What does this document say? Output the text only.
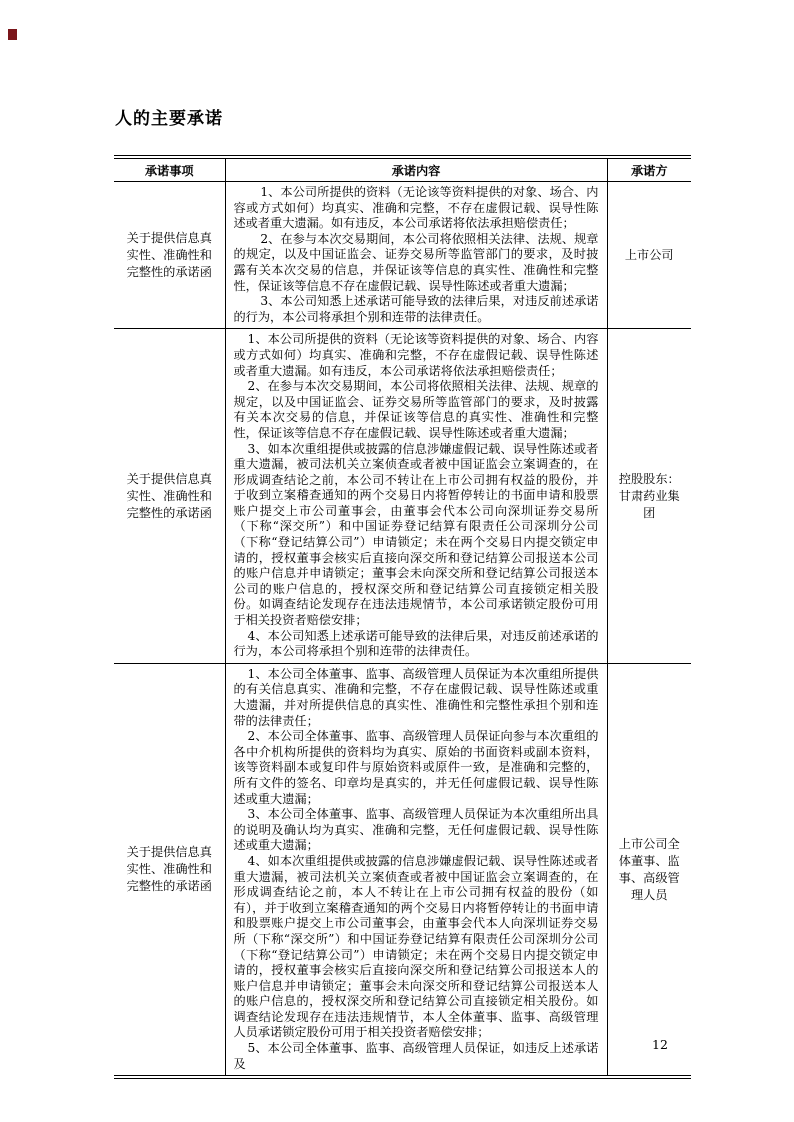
人的主要承诺
承诺事项	承诺内容	承诺方
关于提供信息真实性、准确性和完整性的承诺函	1、本公司所提供的资料（无论该等资料提供的对象、场合、内容或方式如何）均真实、准确和完整，不存在虚假记载、误导性陈述或者重大遗漏。如有违反，本公司承诺将依法承担赔偿责任；

2、在参与本次交易期间，本公司将依照相关法律、法规、规章的规定，以及中国证监会、证券交易所等监管部门的要求，及时披露有关本次交易的信息，并保证该等信息的真实性、准确性和完整性，保证该等信息不存在虚假记载、误导性陈述或者重大遗漏；

3、本公司知悉上述承诺可能导致的法律后果，对违反前述承诺的行为，本公司将承担个别和连带的法律责任。	上市公司
关于提供信息真实性、准确性和完整性的承诺函	1、本公司所提供的资料（无论该等资料提供的对象、场合、内容或方式如何）均真实、准确和完整，不存在虚假记载、误导性陈述或者重大遗漏。如有违反，本公司承诺将依法承担赔偿责任；

2、在参与本次交易期间，本公司将依照相关法律、法规、规章的规定，以及中国证监会、证券交易所等监管部门的要求，及时披露有关本次交易的信息，并保证该等信息的真实性、准确性和完整性，保证该等信息不存在虚假记载、误导性陈述或者重大遗漏；

3、如本次重组提供或披露的信息涉嫌虚假记载、误导性陈述或者重大遗漏，被司法机关立案侦查或者被中国证监会立案调查的，在形成调查结论之前，本公司不转让在上市公司拥有权益的股份，并于收到立案稽查通知的两个交易日内将暂停转让的书面申请和股票账户提交上市公司董事会，由董事会代本公司向深圳证券交易所（下称“深交所”）和中国证券登记结算有限责任公司深圳分公司（下称“登记结算公司”）申请锁定；未在两个交易日内提交锁定申请的，授权董事会核实后直接向深交所和登记结算公司报送本公司的账户信息并申请锁定；董事会未向深交所和登记结算公司报送本公司的账户信息的，授权深交所和登记结算公司直接锁定相关股份。如调查结论发现存在违法违规情节，本公司承诺锁定股份可用于相关投资者赔偿安排；

4、本公司知悉上述承诺可能导致的法律后果，对违反前述承诺的行为，本公司将承担个别和连带的法律责任。	控股股东：甘肃药业集团
关于提供信息真实性、准确性和完整性的承诺函	1、本公司全体董事、监事、高级管理人员保证为本次重组所提供的有关信息真实、准确和完整，不存在虚假记载、误导性陈述或重大遗漏，并对所提供信息的真实性、准确性和完整性承担个别和连带的法律责任；

2、本公司全体董事、监事、高级管理人员保证向参与本次重组的各中介机构所提供的资料均为真实、原始的书面资料或副本资料，该等资料副本或复印件与原始资料或原件一致，是准确和完整的，所有文件的签名、印章均是真实的，并无任何虚假记载、误导性陈述或重大遗漏；

3、本公司全体董事、监事、高级管理人员保证为本次重组所出具的说明及确认均为真实、准确和完整，无任何虚假记载、误导性陈述或重大遗漏；

4、如本次重组提供或披露的信息涉嫌虚假记载、误导性陈述或者重大遗漏，被司法机关立案侦查或者被中国证监会立案调查的，在形成调查结论之前，本人不转让在上市公司拥有权益的股份（如有），并于收到立案稽查通知的两个交易日内将暂停转让的书面申请和股票账户提交上市公司董事会，由董事会代本人向深圳证券交易所（下称“深交所”）和中国证券登记结算有限责任公司深圳分公司（下称“登记结算公司”）申请锁定；未在两个交易日内提交锁定申请的，授权董事会核实后直接向深交所和登记结算公司报送本人的账户信息并申请锁定；董事会未向深交所和登记结算公司报送本人的账户信息的，授权深交所和登记结算公司直接锁定相关股份。如调查结论发现存在违法违规情节，本人全体董事、监事、高级管理人员承诺锁定股份可用于相关投资者赔偿安排；

5、本公司全体董事、监事、高级管理人员保证，如违反上述承诺及	上市公司全体董事、监事、高级管理人员
12
